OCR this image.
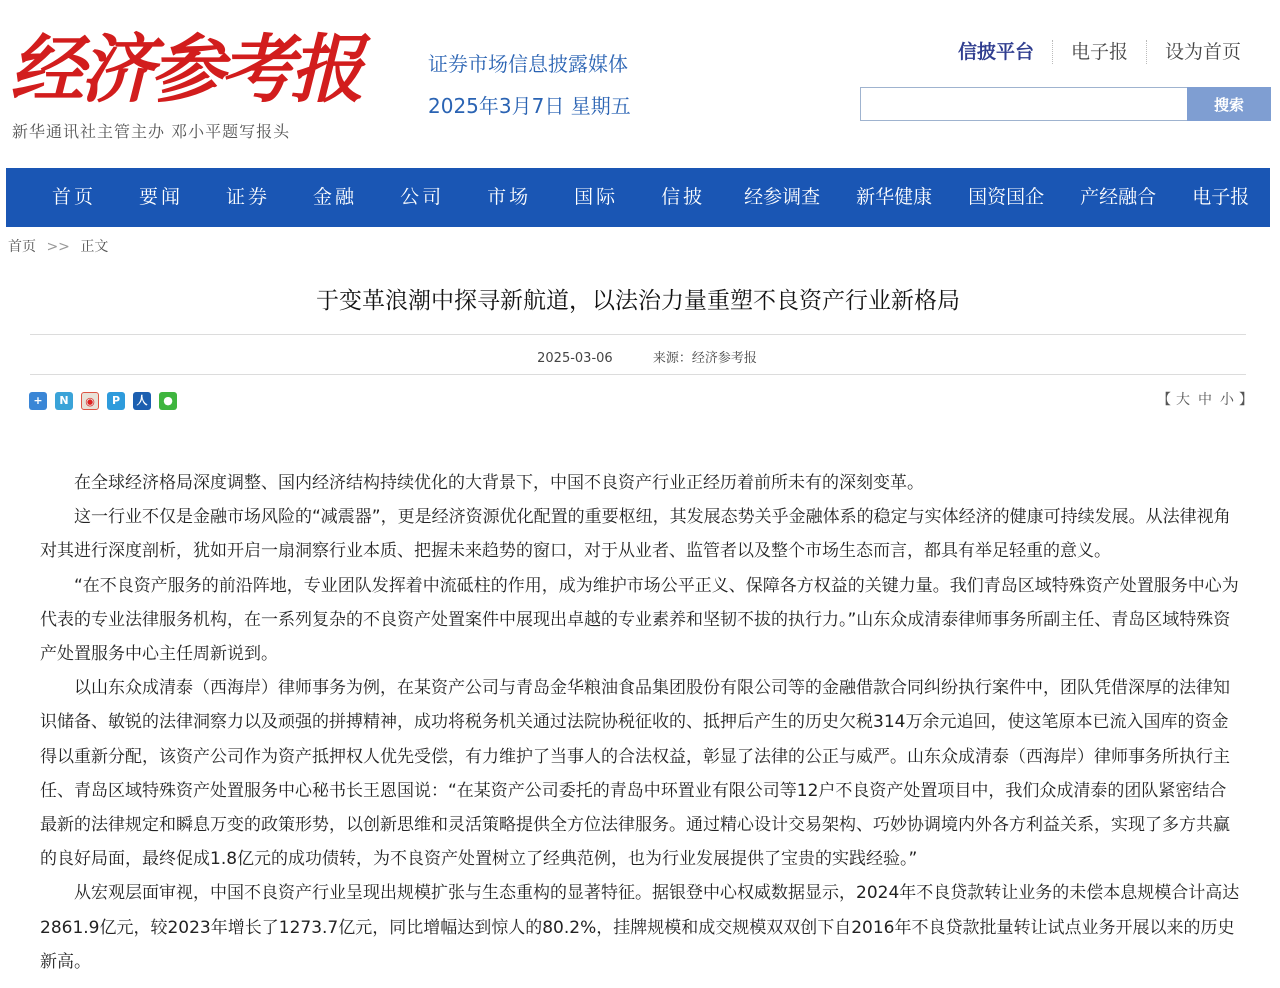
经济参考报
新华通讯社主管主办 邓小平题写报头
证券市场信息披露媒体
2025年3月7日 星期五
信披平台	电子报	设为首页
搜索
首页	要闻	证券	金融	公司	市场	国际	信披	经参调查	新华健康	国资国企	产经融合	电子报
首页 >> 正文
于变革浪潮中探寻新航道，以法治力量重塑不良资产行业新格局
2025-03-06	来源：经济参考报
+	N	◉	P	人	●	【 大 中 小 】

在全球经济格局深度调整、国内经济结构持续优化的大背景下，中国不良资产行业正经历着前所未有的深刻变革。

这一行业不仅是金融市场风险的“减震器”，更是经济资源优化配置的重要枢纽，其发展态势关乎金融体系的稳定与实体经济的健康可持续发展。从法律视角对其进行深度剖析，犹如开启一扇洞察行业本质、把握未来趋势的窗口，对于从业者、监管者以及整个市场生态而言，都具有举足轻重的意义。

“在不良资产服务的前沿阵地，专业团队发挥着中流砥柱的作用，成为维护市场公平正义、保障各方权益的关键力量。我们青岛区域特殊资产处置服务中心为代表的专业法律服务机构，在一系列复杂的不良资产处置案件中展现出卓越的专业素养和坚韧不拔的执行力。”山东众成清泰律师事务所副主任、青岛区域特殊资产处置服务中心主任周新说到。

以山东众成清泰（西海岸）律师事务为例，在某资产公司与青岛金华粮油食品集团股份有限公司等的金融借款合同纠纷执行案件中，团队凭借深厚的法律知识储备、敏锐的法律洞察力以及顽强的拼搏精神，成功将税务机关通过法院协税征收的、抵押后产生的历史欠税314万余元追回，使这笔原本已流入国库的资金得以重新分配，该资产公司作为资产抵押权人优先受偿，有力维护了当事人的合法权益，彰显了法律的公正与威严。山东众成清泰（西海岸）律师事务所执行主任、青岛区域特殊资产处置服务中心秘书长王恩国说：“在某资产公司委托的青岛中环置业有限公司等12户不良资产处置项目中，我们众成清泰的团队紧密结合最新的法律规定和瞬息万变的政策形势，以创新思维和灵活策略提供全方位法律服务。通过精心设计交易架构、巧妙协调境内外各方利益关系，实现了多方共赢的良好局面，最终促成1.8亿元的成功债转，为不良资产处置树立了经典范例，也为行业发展提供了宝贵的实践经验。”

从宏观层面审视，中国不良资产行业呈现出规模扩张与生态重构的显著特征。据银登中心权威数据显示，2024年不良贷款转让业务的未偿本息规模合计高达2861.9亿元，较2023年增长了1273.7亿元，同比增幅达到惊人的80.2%，挂牌规模和成交规模双双创下自2016年不良贷款批量转让试点业务开展以来的历史新高。
